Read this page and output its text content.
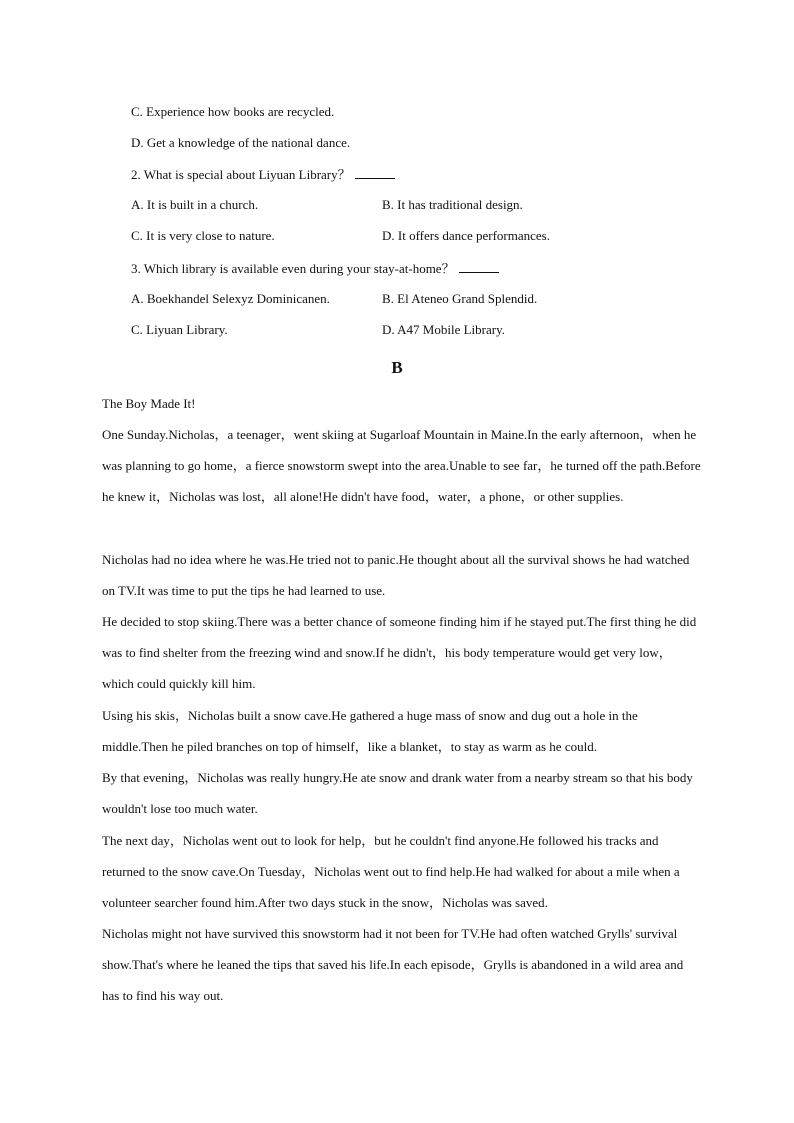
C. Experience how books are recycled.
D. Get a knowledge of the national dance.
2. What is special about Liyuan Library？
A. It is built in a church.	B. It has traditional design.
C. It is very close to nature.	D. It offers dance performances.
3. Which library is available even during your stay-at-home？
A. Boekhandel Selexyz Dominicanen.	B. El Ateneo Grand Splendid.
C. Liyuan Library.	D. A47 Mobile Library.
B
The Boy Made It!
One Sunday.Nicholas，a teenager，went skiing at Sugarloaf Mountain in Maine.In the early afternoon，when he was planning to go home，a fierce snowstorm swept into the area.Unable to see far，he turned off the path.Before he knew it，Nicholas was lost，all alone!He didn't have food，water，a phone，or other supplies.
Nicholas had no idea where he was.He tried not to panic.He thought about all the survival shows he had watched on TV.It was time to put the tips he had learned to use.
He decided to stop skiing.There was a better chance of someone finding him if he stayed put.The first thing he did was to find shelter from the freezing wind and snow.If he didn't，his body temperature would get very low，which could quickly kill him.
Using his skis，Nicholas built a snow cave.He gathered a huge mass of snow and dug out a hole in the middle.Then he piled branches on top of himself，like a blanket，to stay as warm as he could.
By that evening，Nicholas was really hungry.He ate snow and drank water from a nearby stream so that his body wouldn't lose too much water.
The next day，Nicholas went out to look for help，but he couldn't find anyone.He followed his tracks and returned to the snow cave.On Tuesday，Nicholas went out to find help.He had walked for about a mile when a volunteer searcher found him.After two days stuck in the snow，Nicholas was saved.
Nicholas might not have survived this snowstorm had it not been for TV.He had often watched Grylls' survival show.That's where he leaned the tips that saved his life.In each episode，Grylls is abandoned in a wild area and has to find his way out.
